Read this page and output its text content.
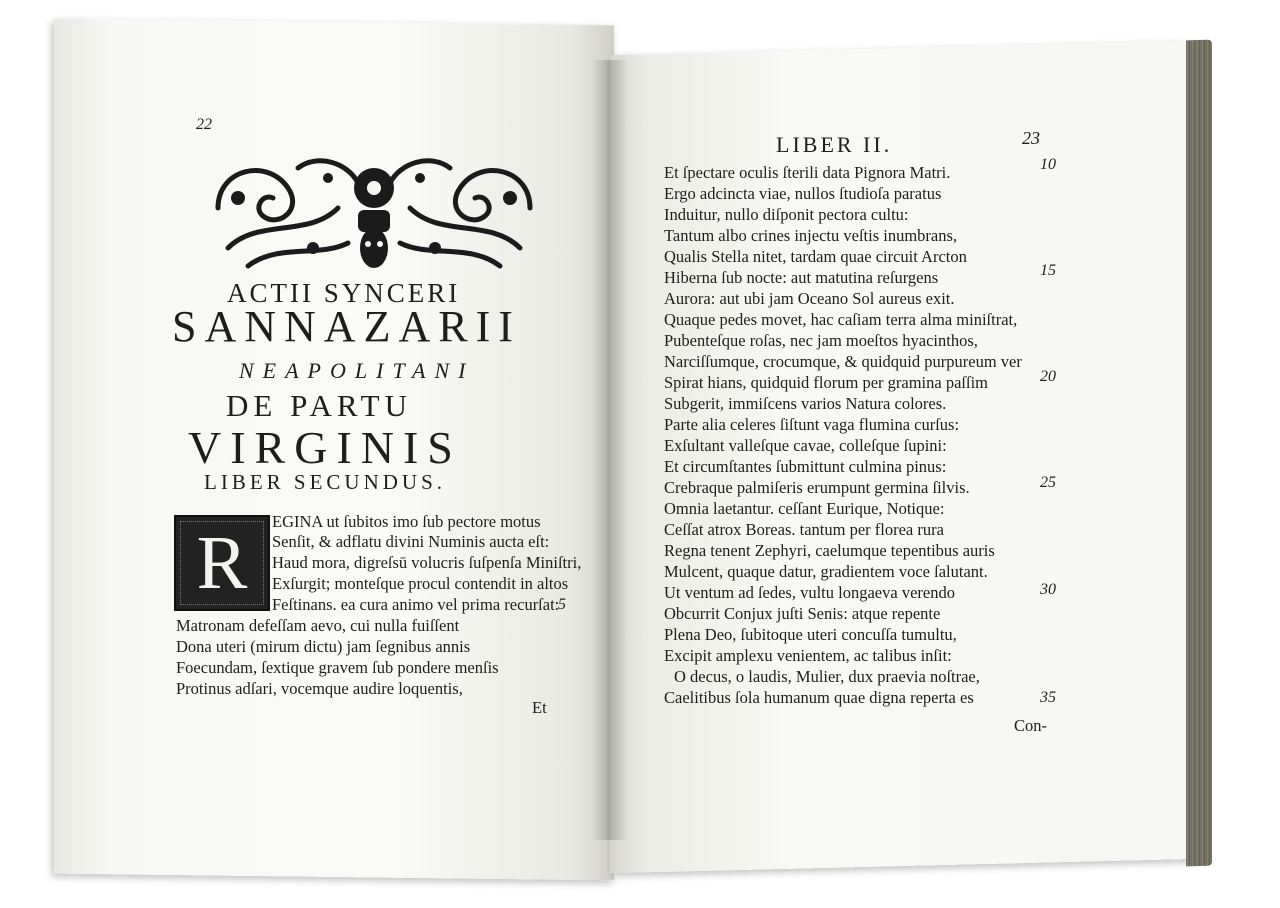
22
ACTII SYNCERI
SANNAZARII
NEAPOLITANI
DE PARTU
VIRGINIS
LIBER SECUNDUS.
R	EGINA ut ſubitos imo ſub pectore motus
Senſit, & adflatu divini Numinis aucta eſt:
Haud mora, digreſsū volucris ſuſpenſa Miniſtri,
Exſurgit; monteſque procul contendit in altos
Feſtinans. ea cura animo vel prima recurſat:
5
Matronam defeſſam aevo, cui nulla fuiſſent
Dona uteri (mirum dictu) jam ſegnibus annis
Foecundam, ſextique gravem ſub pondere menſis
Protinus adſari, vocemque audire loquentis,
Et
LIBER II.	23
Et ſpectare oculis ſterili data Pignora Matri.
Ergo adcincta viae, nullos ſtudioſa paratus
Induitur, nullo diſponit pectora cultu:
Tantum albo crines injectu veſtis inumbrans,
Qualis Stella nitet, tardam quae circuit Arcton
Hiberna ſub nocte: aut matutina reſurgens
Aurora: aut ubi jam Oceano Sol aureus exit.
Quaque pedes movet, hac caſiam terra alma miniſtrat,
Pubenteſque roſas, nec jam moeſtos hyacinthos,
Narciſſumque, crocumque, & quidquid purpureum ver
Spirat hians, quidquid florum per gramina paſſim
Subgerit, immiſcens varios Natura colores.
Parte alia celeres ſiſtunt vaga flumina curſus:
Exſultant valleſque cavae, colleſque ſupini:
Et circumſtantes ſubmittunt culmina pinus:
Crebraque palmiſeris erumpunt germina ſilvis.
Omnia laetantur. ceſſant Eurique, Notique:
Ceſſat atrox Boreas. tantum per florea rura
Regna tenent Zephyri, caelumque tepentibus auris
Mulcent, quaque datur, gradientem voce ſalutant.
Ut ventum ad ſedes, vultu longaeva verendo
Obcurrit Conjux juſti Senis: atque repente
Plena Deo, ſubitoque uteri concuſſa tumultu,
Excipit amplexu venientem, ac talibus inſit:
O decus, o laudis, Mulier, dux praevia noſtrae,
Caelitibus ſola humanum quae digna reperta es
10
15
20
25
30
35
Con-
